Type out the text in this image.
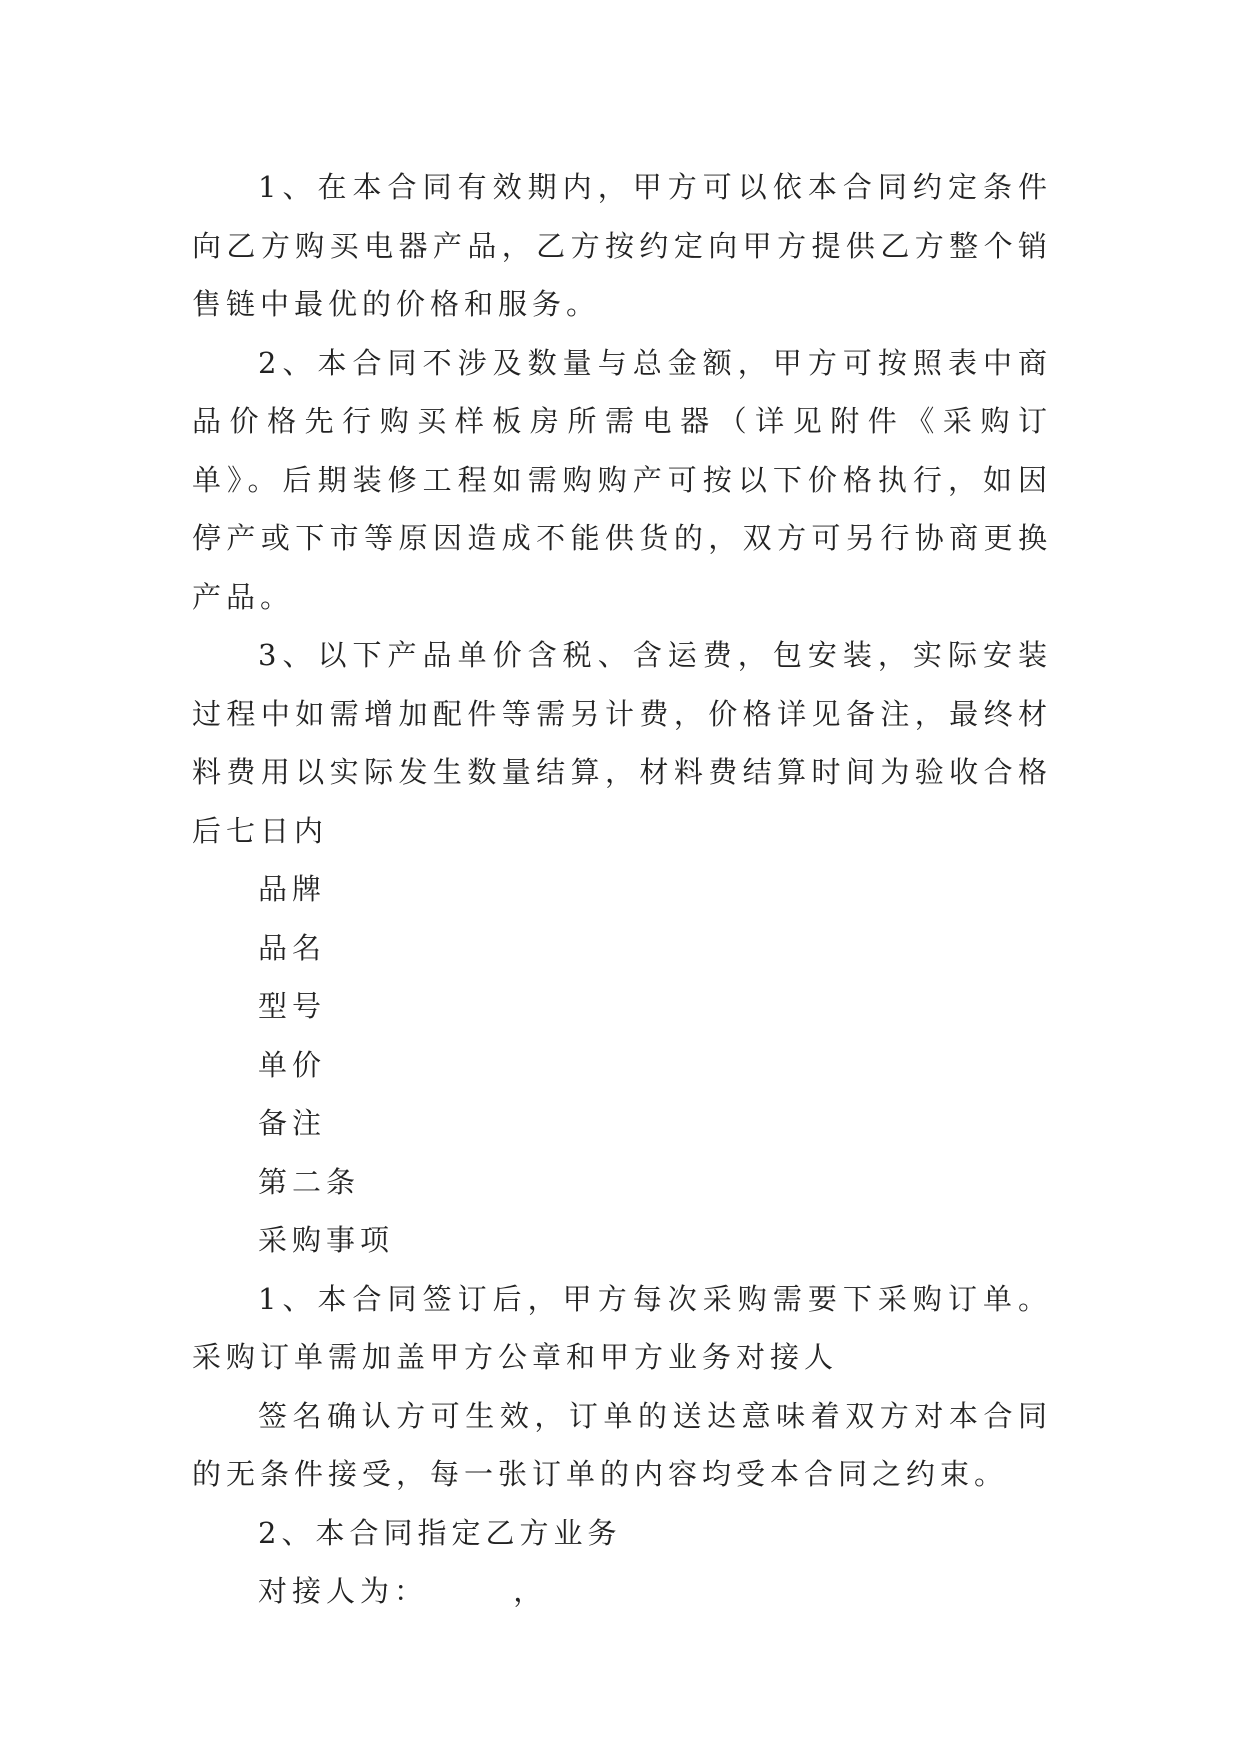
1、在本合同有效期内，甲方可以依本合同约定条件向乙方购买电器产品，乙方按约定向甲方提供乙方整个销售链中最优的价格和服务。

2、本合同不涉及数量与总金额，甲方可按照表中商品价格先行购买样板房所需电器（详见附件《采购订单》。后期装修工程如需购购产可按以下价格执行，如因停产或下市等原因造成不能供货的，双方可另行协商更换产品。

3、以下产品单价含税、含运费，包安装，实际安装过程中如需增加配件等需另计费，价格详见备注，最终材料费用以实际发生数量结算，材料费结算时间为验收合格后七日内

品牌

品名

型号

单价

备注

第二条

采购事项

1、本合同签订后，甲方每次采购需要下采购订单。采购订单需加盖甲方公章和甲方业务对接人

签名确认方可生效，订单的送达意味着双方对本合同的无条件接受，每一张订单的内容均受本合同之约束。

2、本合同指定乙方业务

对接人为：      ，
